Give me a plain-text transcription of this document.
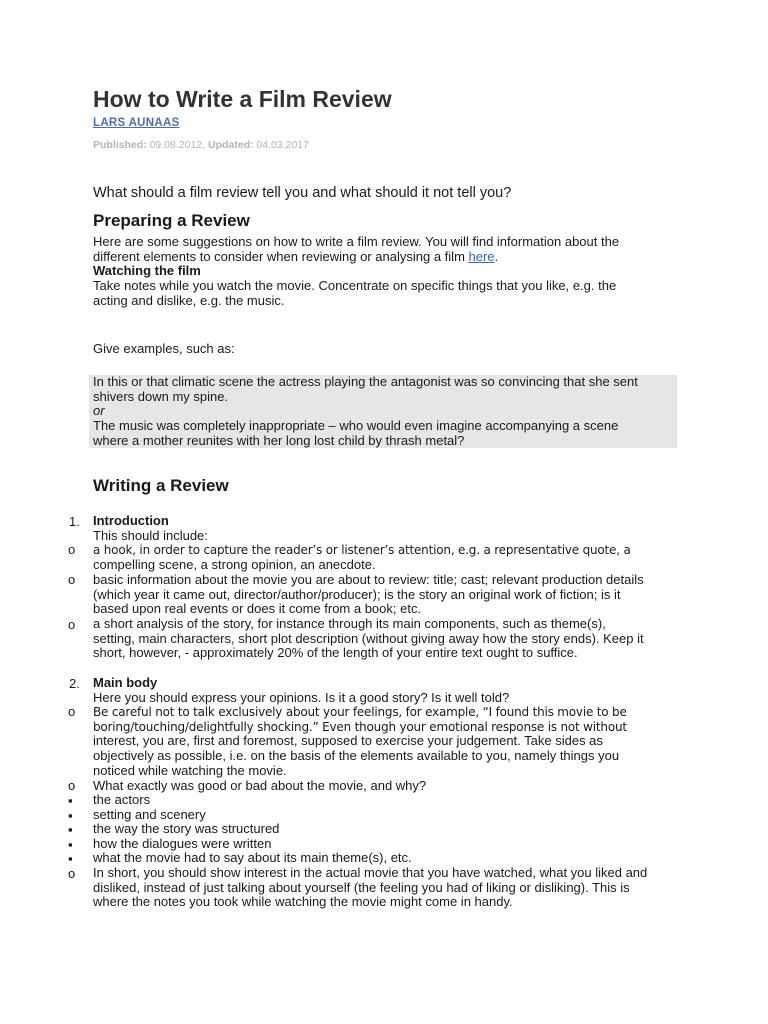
How to Write a Film Review
LARS AUNAAS
Published: 09.08.2012, Updated: 04.03.2017
What should a film review tell you and what should it not tell you?
Preparing a Review
Here are some suggestions on how to write a film review. You will find information about the
different elements to consider when reviewing or analysing a film here.
Watching the film
Take notes while you watch the movie. Concentrate on specific things that you like, e.g. the
acting and dislike, e.g. the music.
Give examples, such as:
In this or that climatic scene the actress playing the antagonist was so convincing that she sent
shivers down my spine.
or
The music was completely inappropriate – who would even imagine accompanying a scene
where a mother reunites with her long lost child by thrash metal?
Writing a Review
1. Introduction
This should include:
o a hook, in order to capture the reader’s or listener’s attention, e.g. a representative quote, a
compelling scene, a strong opinion, an anecdote.
o basic information about the movie you are about to review: title; cast; relevant production details
(which year it came out, director/author/producer); is the story an original work of fiction; is it
based upon real events or does it come from a book; etc.
o a short analysis of the story, for instance through its main components, such as theme(s),
setting, main characters, short plot description (without giving away how the story ends). Keep it
short, however, - approximately 20% of the length of your entire text ought to suffice.
2. Main body
Here you should express your opinions. Is it a good story? Is it well told?
o Be careful not to talk exclusively about your feelings, for example, “I found this movie to be
boring/touching/delightfully shocking.” Even though your emotional response is not without
interest, you are, first and foremost, supposed to exercise your judgement. Take sides as
objectively as possible, i.e. on the basis of the elements available to you, namely things you
noticed while watching the movie.
o What exactly was good or bad about the movie, and why?
▪ the actors
▪ setting and scenery
▪ the way the story was structured
▪ how the dialogues were written
▪ what the movie had to say about its main theme(s), etc.
o In short, you should show interest in the actual movie that you have watched, what you liked and
disliked, instead of just talking about yourself (the feeling you had of liking or disliking). This is
where the notes you took while watching the movie might come in handy.
